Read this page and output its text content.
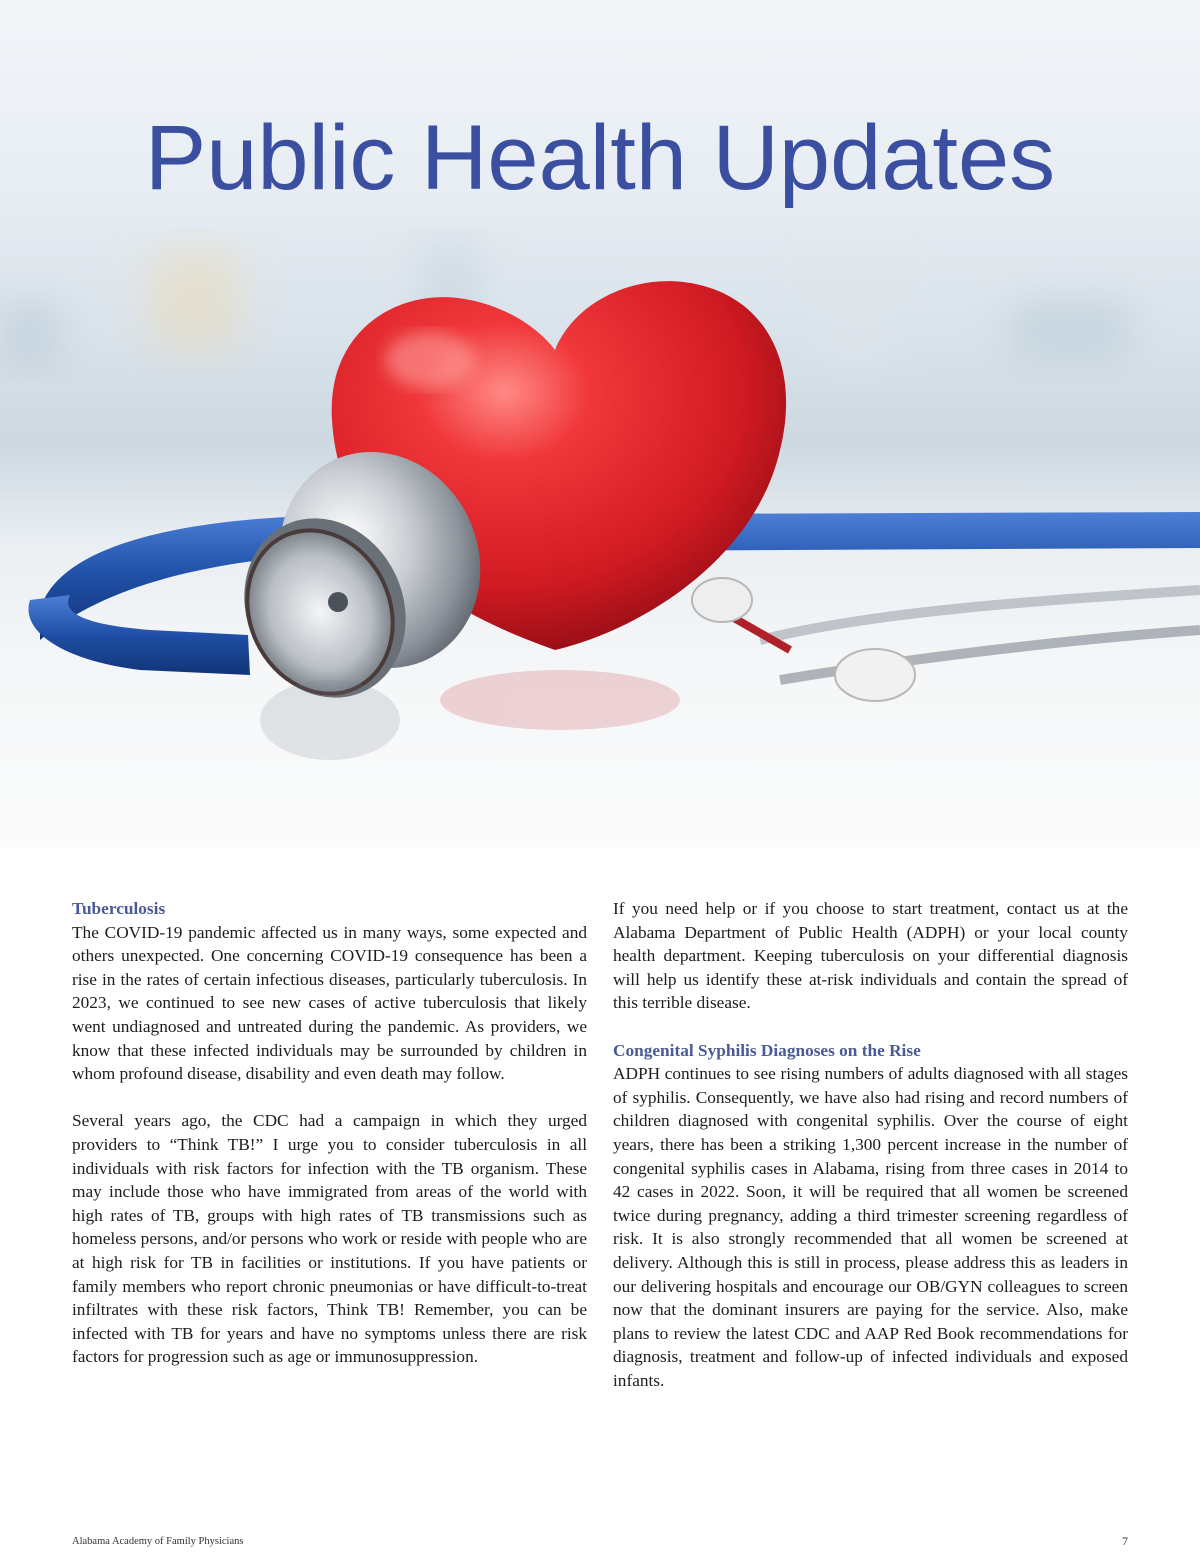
Public Health Updates
Tuberculosis

The COVID-19 pandemic affected us in many ways, some expected and others unexpected. One concerning COVID-19 consequence has been a rise in the rates of certain infectious diseases, particularly tuberculosis. In 2023, we continued to see new cases of active tuberculosis that likely went undiagnosed and untreated during the pandemic. As providers, we know that these infected individuals may be surrounded by children in whom profound disease, disability and even death may follow.

Several years ago, the CDC had a campaign in which they urged providers to “Think TB!” I urge you to consider tuberculosis in all individuals with risk factors for infection with the TB organism. These may include those who have immigrated from areas of the world with high rates of TB, groups with high rates of TB transmissions such as homeless persons, and/or persons who work or reside with people who are at high risk for TB in facilities or institutions. If you have patients or family members who report chronic pneumonias or have difficult-to-treat infiltrates with these risk factors, Think TB! Remember, you can be infected with TB for years and have no symptoms unless there are risk factors for progression such as age or immunosuppression.

If you need help or if you choose to start treatment, contact us at the Alabama Department of Public Health (ADPH) or your local county health department. Keeping tuberculosis on your differential diagnosis will help us identify these at-risk individuals and contain the spread of this terrible disease.

Congenital Syphilis Diagnoses on the Rise

ADPH continues to see rising numbers of adults diagnosed with all stages of syphilis. Consequently, we have also had rising and record numbers of children diagnosed with congenital syphilis. Over the course of eight years, there has been a striking 1,300 percent increase in the number of congenital syphilis cases in Alabama, rising from three cases in 2014 to 42 cases in 2022. Soon, it will be required that all women be screened twice during pregnancy, adding a third trimester screening regardless of risk. It is also strongly recommended that all women be screened at delivery. Although this is still in process, please address this as leaders in our delivering hospitals and encourage our OB/GYN colleagues to screen now that the dominant insurers are paying for the service. Also, make plans to review the latest CDC and AAP Red Book recommendations for diagnosis, treatment and follow-up of infected individuals and exposed infants.

Alabama Academy of Family Physicians	7
